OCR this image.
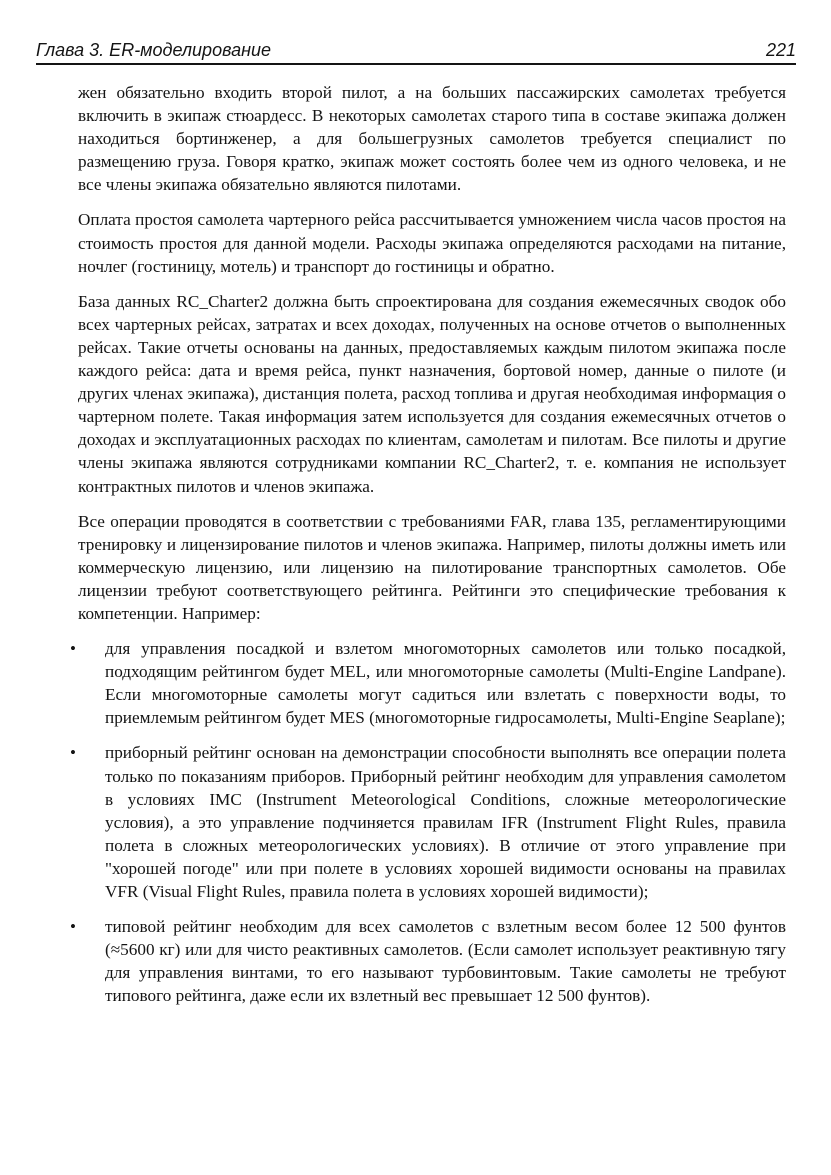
Глава 3. ER-моделирование	221

жен обязательно входить второй пилот, а на больших пассажирских самолетах требуется включить в экипаж стюардесс. В некоторых самолетах старого типа в составе экипажа должен находиться бортинженер, а для большегрузных самолетов требуется специалист по размещению груза. Говоря кратко, экипаж может состоять более чем из одного человека, и не все члены экипажа обязательно являются пилотами.

Оплата простоя самолета чартерного рейса рассчитывается умножением числа часов простоя на стоимость простоя для данной модели. Расходы экипажа определяются расходами на питание, ночлег (гостиницу, мотель) и транспорт до гостиницы и обратно.

База данных RC_Charter2 должна быть спроектирована для создания ежемесячных сводок обо всех чартерных рейсах, затратах и всех доходах, полученных на основе отчетов о выполненных рейсах. Такие отчеты основаны на данных, предоставляемых каждым пилотом экипажа после каждого рейса: дата и время рейса, пункт назначения, бортовой номер, данные о пилоте (и других членах экипажа), дистанция полета, расход топлива и другая необходимая информация о чартерном полете. Такая информация затем используется для создания ежемесячных отчетов о доходах и эксплуатационных расходах по клиентам, самолетам и пилотам. Все пилоты и другие члены экипажа являются сотрудниками компании RC_Charter2, т. е. компания не использует контрактных пилотов и членов экипажа.

Все операции проводятся в соответствии с требованиями FAR, глава 135, регламентирующими тренировку и лицензирование пилотов и членов экипажа. Например, пилоты должны иметь или коммерческую лицензию, или лицензию на пилотирование транспортных самолетов. Обе лицензии требуют соответствующего рейтинга. Рейтинги это специфические требования к компетенции. Например:

• для управления посадкой и взлетом многомоторных самолетов или только посадкой, подходящим рейтингом будет MEL, или многомоторные самолеты (Multi-Engine Landpane). Если многомоторные самолеты могут садиться или взлетать с поверхности воды, то приемлемым рейтингом будет MES (многомоторные гидросамолеты, Multi-Engine Seaplane);
• приборный рейтинг основан на демонстрации способности выполнять все операции полета только по показаниям приборов. Приборный рейтинг необходим для управления самолетом в условиях IMC (Instrument Meteorological Conditions, сложные метеорологические условия), а это управление подчиняется правилам IFR (Instrument Flight Rules, правила полета в сложных метеорологических условиях). В отличие от этого управление при "хорошей погоде" или при полете в условиях хорошей видимости основаны на правилах VFR (Visual Flight Rules, правила полета в условиях хорошей видимости);
• типовой рейтинг необходим для всех самолетов с взлетным весом более 12 500 фунтов (≈5600 кг) или для чисто реактивных самолетов. (Если самолет использует реактивную тягу для управления винтами, то его называют турбовинтовым. Такие самолеты не требуют типового рейтинга, даже если их взлетный вес превышает 12 500 фунтов).
